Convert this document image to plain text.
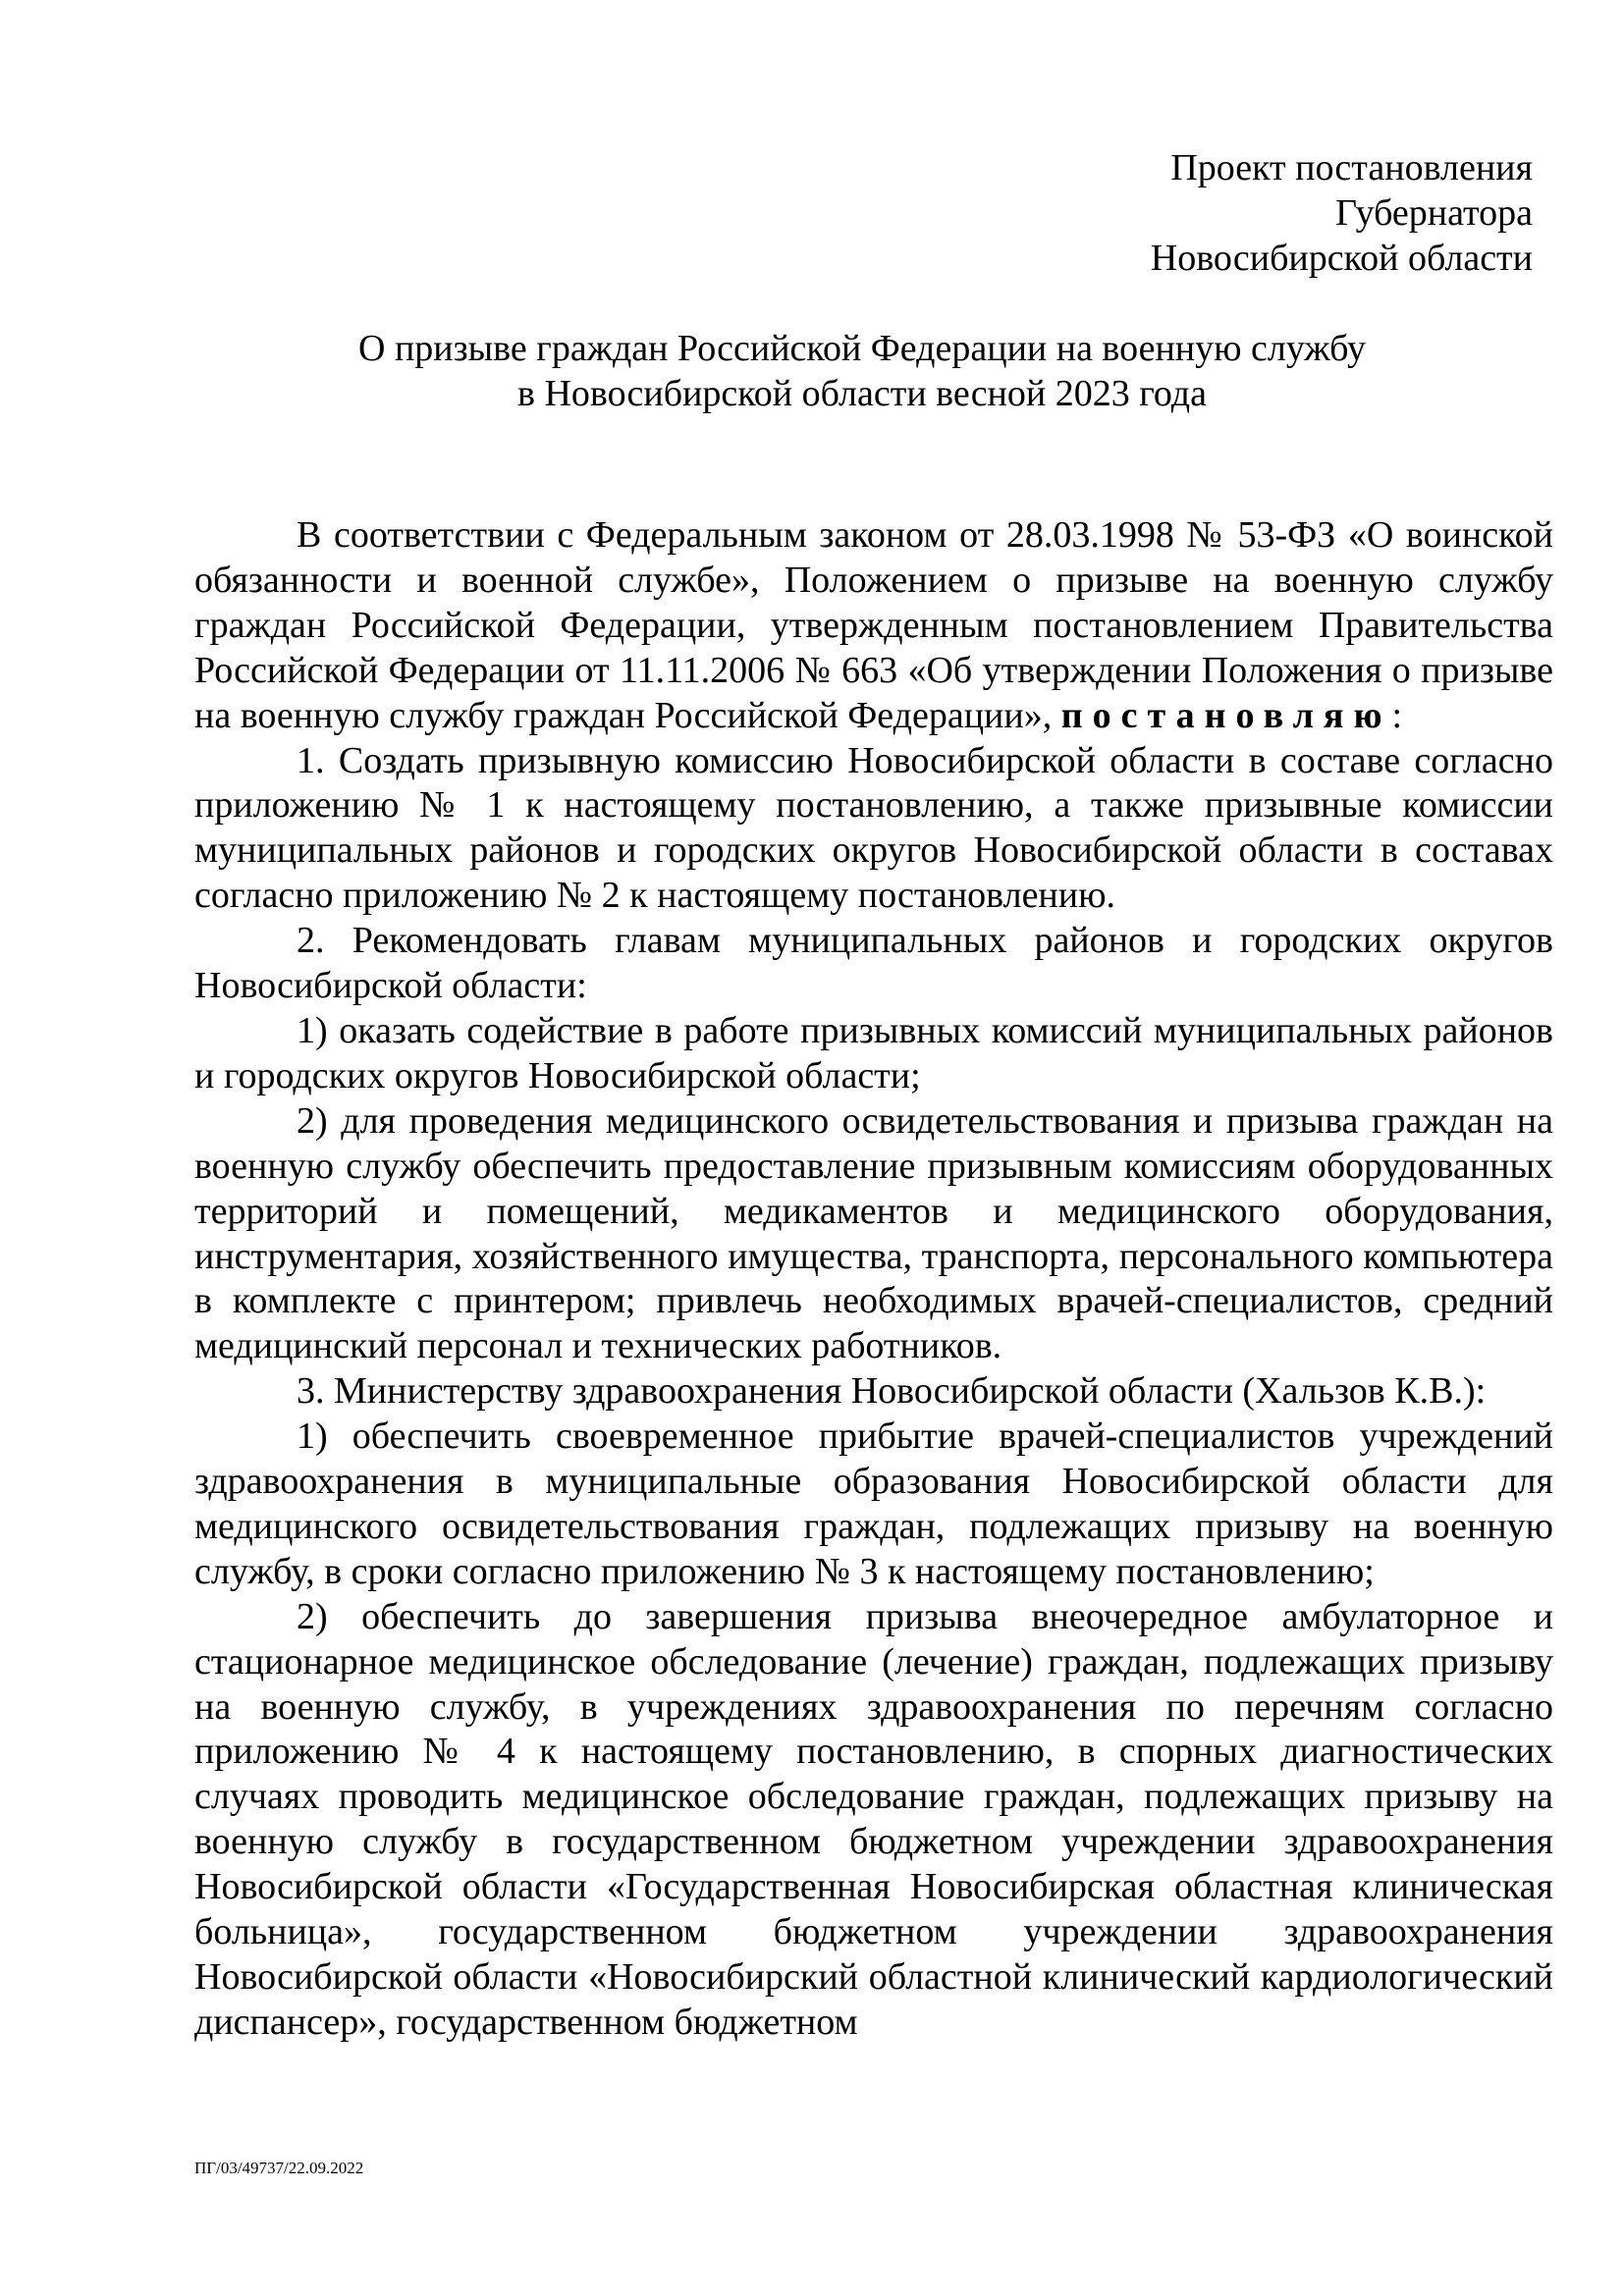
Проект постановления
Губернатора
Новосибирской области
О призыве граждан Российской Федерации на военную службу
в Новосибирской области весной 2023 года

В соответствии с Федеральным законом от 28.03.1998 № 53-ФЗ «О воинской обязанности и военной службе», Положением о призыве на военную службу граждан Российской Федерации, утвержденным постановлением Правительства Российской Федерации от 11.11.2006 № 663 «Об утверждении Положения о призыве на военную службу граждан Российской Федерации», постановляю:

1. Создать призывную комиссию Новосибирской области в составе согласно приложению № 1 к настоящему постановлению, а также призывные комиссии муниципальных районов и городских округов Новосибирской области в составах согласно приложению № 2 к настоящему постановлению.

2. Рекомендовать главам муниципальных районов и городских округов Новосибирской области:

1) оказать содействие в работе призывных комиссий муниципальных районов и городских округов Новосибирской области;

2) для проведения медицинского освидетельствования и призыва граждан на военную службу обеспечить предоставление призывным комиссиям оборудованных территорий и помещений, медикаментов и медицинского оборудования, инструментария, хозяйственного имущества, транспорта, персонального компьютера в комплекте с принтером; привлечь необходимых врачей-специалистов, средний медицинский персонал и технических работников.

3. Министерству здравоохранения Новосибирской области (Хальзов К.В.):

1) обеспечить своевременное прибытие врачей-специалистов учреждений здравоохранения в муниципальные образования Новосибирской области для медицинского освидетельствования граждан, подлежащих призыву на военную службу, в сроки согласно приложению № 3 к настоящему постановлению;

2) обеспечить до завершения призыва внеочередное амбулаторное и стационарное медицинское обследование (лечение) граждан, подлежащих призыву на военную службу, в учреждениях здравоохранения по перечням согласно приложению № 4 к настоящему постановлению, в спорных диагностических случаях проводить медицинское обследование граждан, подлежащих призыву на военную службу в государственном бюджетном учреждении здравоохранения Новосибирской области «Государственная Новосибирская областная клиническая больница», государственном бюджетном учреждении здравоохранения Новосибирской области «Новосибирский областной клинический кардиологический диспансер», государственном бюджетном

ПГ/03/49737/22.09.2022
